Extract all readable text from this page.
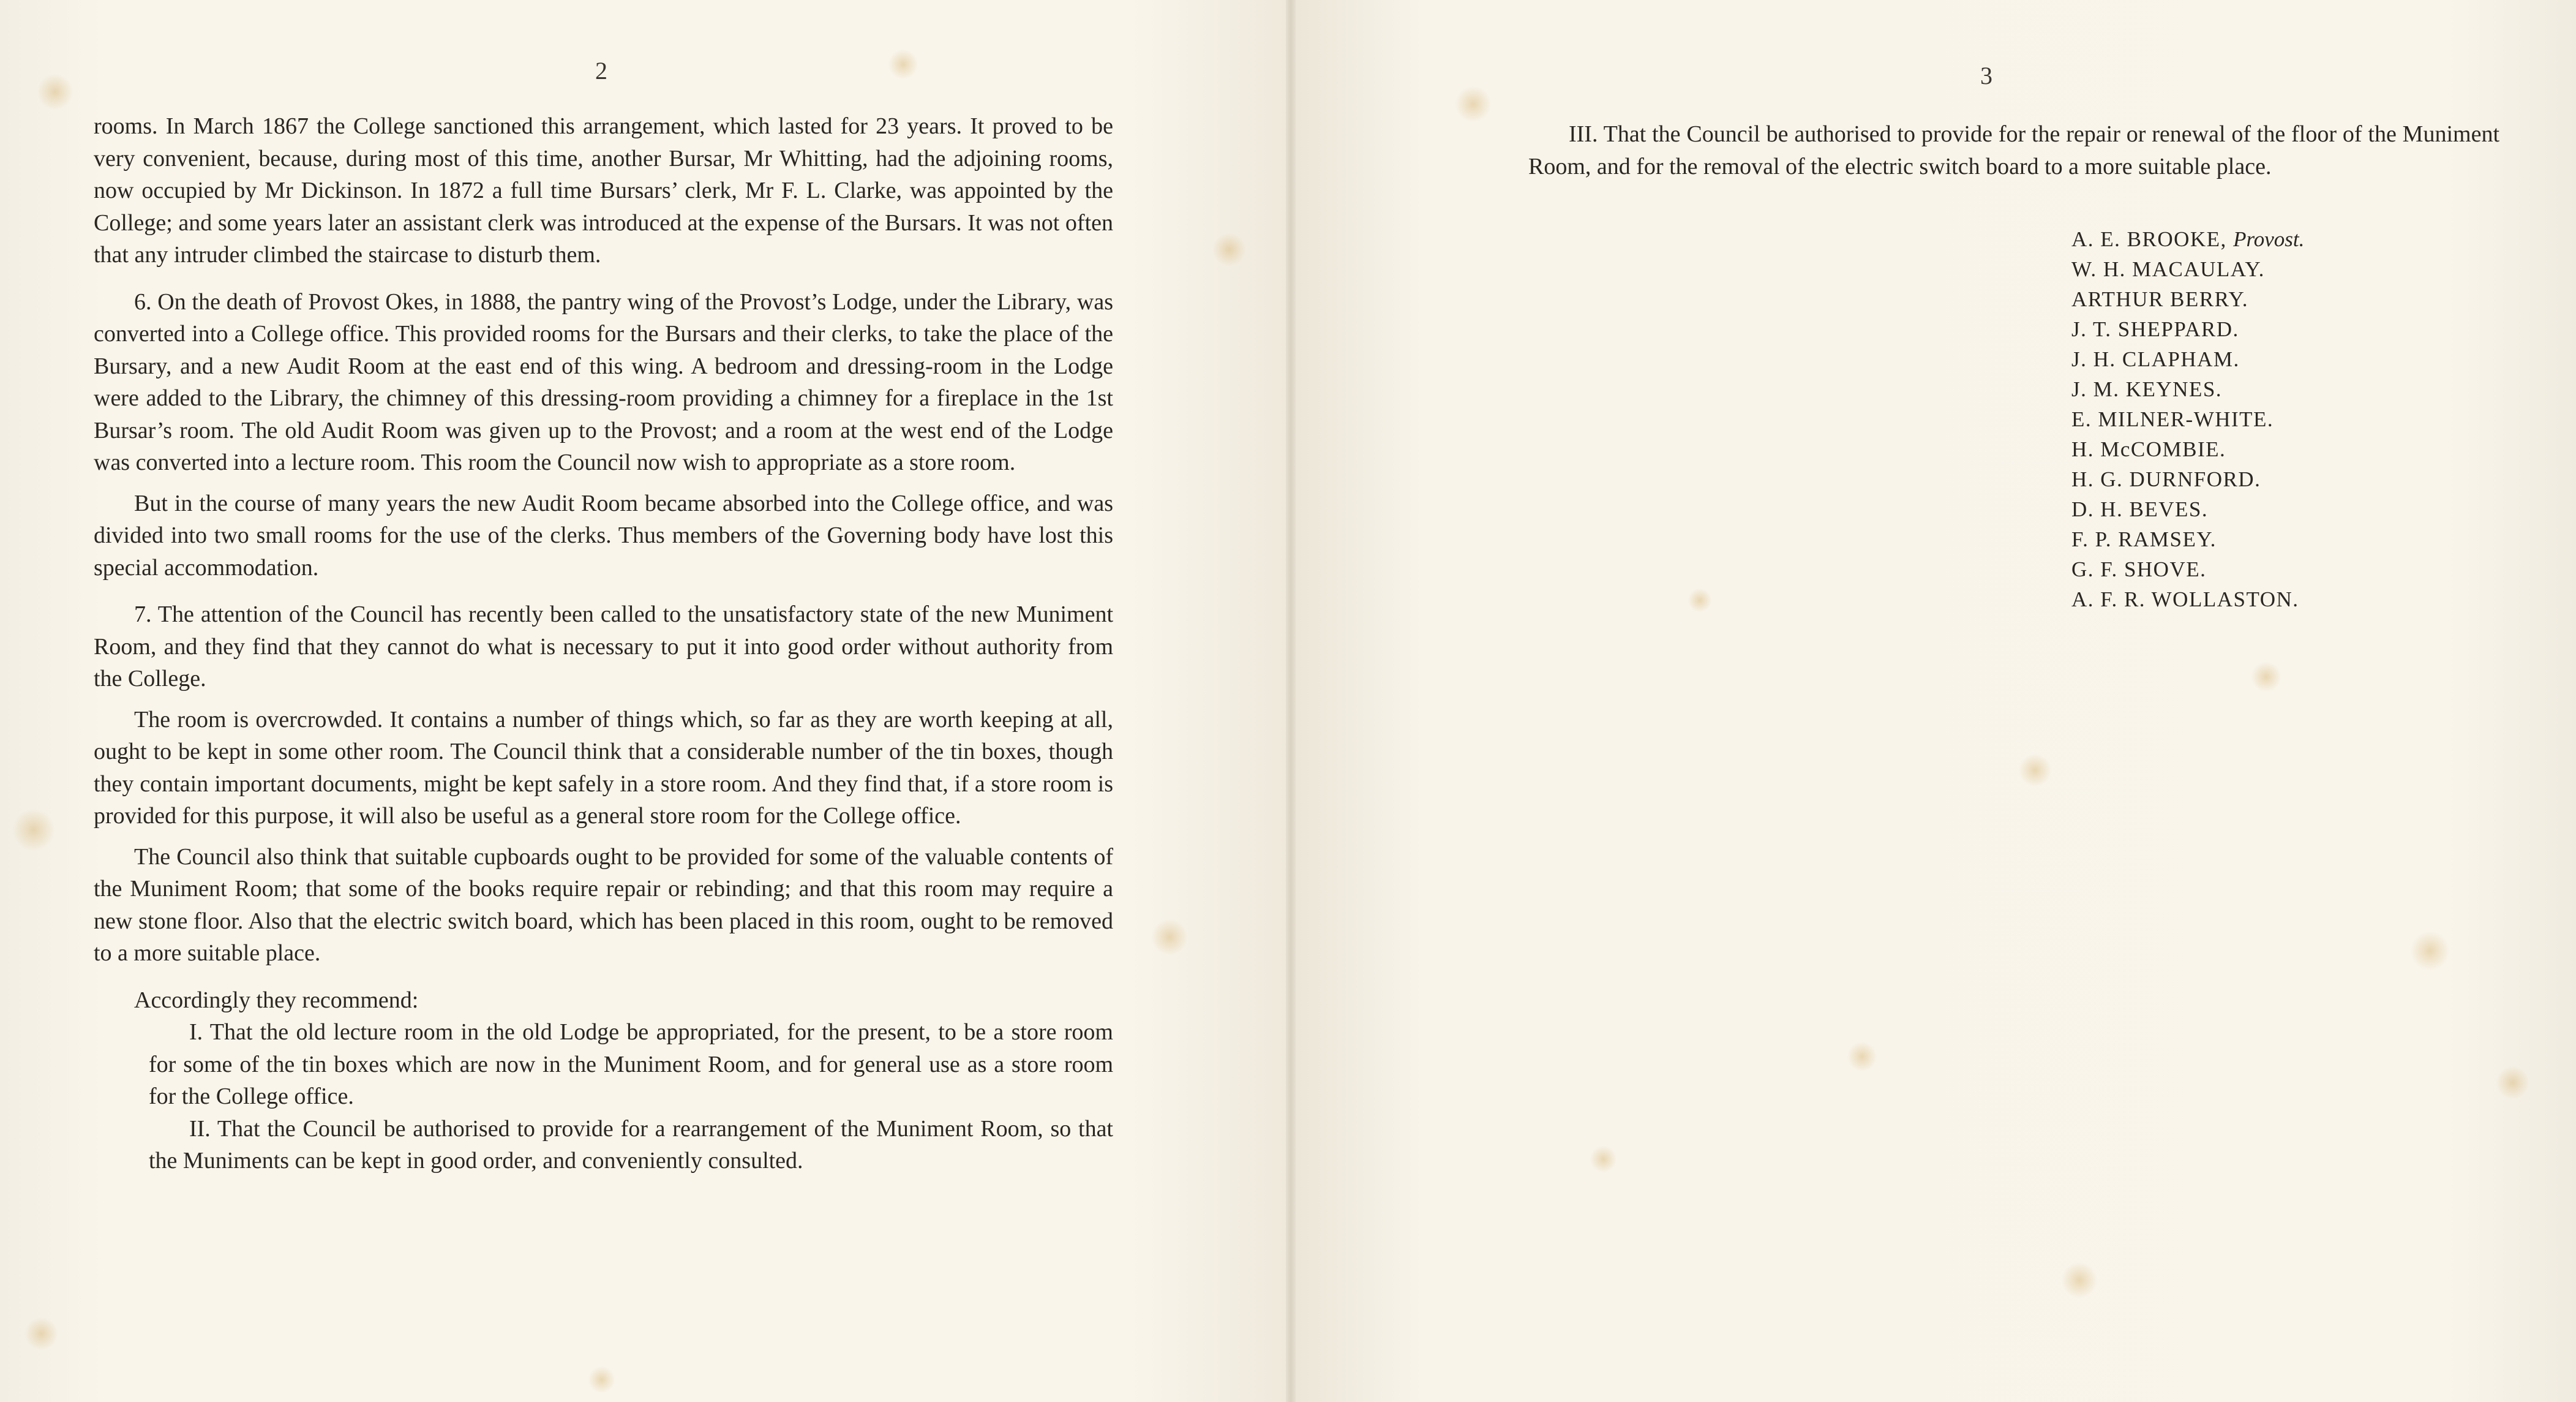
2

rooms. In March 1867 the College sanctioned this arrangement, which lasted for 23 years. It proved to be very convenient, because, during most of this time, another Bursar, Mr Whitting, had the adjoining rooms, now occupied by Mr Dickinson. In 1872 a full time Bursars’ clerk, Mr F. L. Clarke, was appointed by the College; and some years later an assistant clerk was introduced at the expense of the Bursars. It was not often that any intruder climbed the staircase to disturb them.

6. On the death of Provost Okes, in 1888, the pantry wing of the Provost’s Lodge, under the Library, was converted into a College office. This provided rooms for the Bursars and their clerks, to take the place of the Bursary, and a new Audit Room at the east end of this wing. A bedroom and dressing-room in the Lodge were added to the Library, the chimney of this dressing-room providing a chimney for a fireplace in the 1st Bursar’s room. The old Audit Room was given up to the Provost; and a room at the west end of the Lodge was converted into a lecture room. This room the Council now wish to appropriate as a store room.

But in the course of many years the new Audit Room became absorbed into the College office, and was divided into two small rooms for the use of the clerks. Thus members of the Governing body have lost this special accommodation.

7. The attention of the Council has recently been called to the unsatisfactory state of the new Muniment Room, and they find that they cannot do what is necessary to put it into good order without authority from the College.

The room is overcrowded. It contains a number of things which, so far as they are worth keeping at all, ought to be kept in some other room. The Council think that a considerable number of the tin boxes, though they contain important documents, might be kept safely in a store room. And they find that, if a store room is provided for this purpose, it will also be useful as a general store room for the College office.

The Council also think that suitable cupboards ought to be provided for some of the valuable contents of the Muniment Room; that some of the books require repair or rebinding; and that this room may require a new stone floor. Also that the electric switch board, which has been placed in this room, ought to be removed to a more suitable place.

Accordingly they recommend:

I. That the old lecture room in the old Lodge be appropriated, for the present, to be a store room for some of the tin boxes which are now in the Muniment Room, and for general use as a store room for the College office.

II. That the Council be authorised to provide for a rearrangement of the Muniment Room, so that the Muniments can be kept in good order, and conveniently consulted.

3

III. That the Council be authorised to provide for the repair or renewal of the floor of the Muniment Room, and for the removal of the electric switch board to a more suitable place.

A. E. BROOKE, Provost.
W. H. MACAULAY.
ARTHUR BERRY.
J. T. SHEPPARD.
J. H. CLAPHAM.
J. M. KEYNES.
E. MILNER-WHITE.
H. McCOMBIE.
H. G. DURNFORD.
D. H. BEVES.
F. P. RAMSEY.
G. F. SHOVE.
A. F. R. WOLLASTON.
